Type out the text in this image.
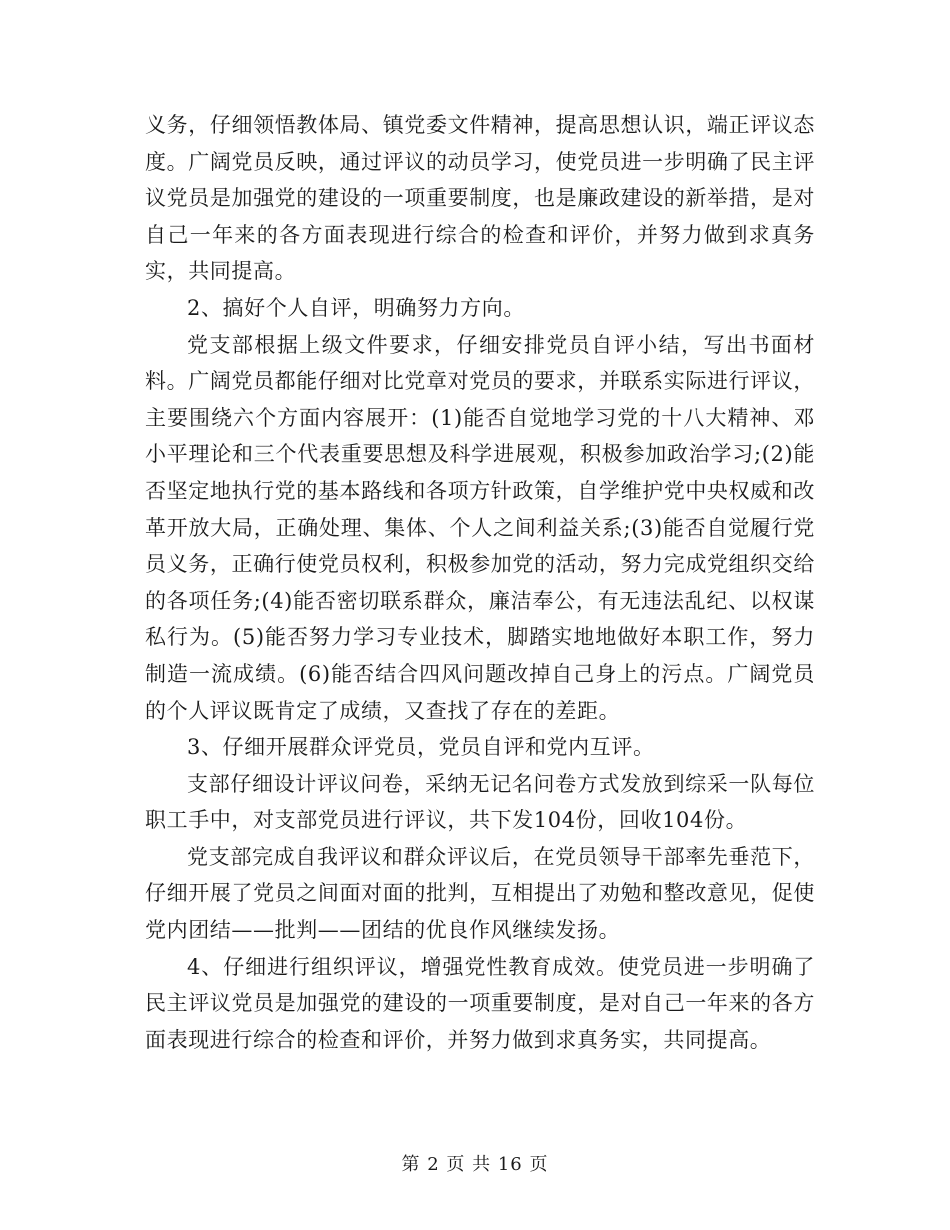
义务，仔细领悟教体局、镇党委文件精神，提高思想认识，端正评议态度。广阔党员反映，通过评议的动员学习，使党员进一步明确了民主评议党员是加强党的建设的一项重要制度，也是廉政建设的新举措，是对自己一年来的各方面表现进行综合的检查和评价，并努力做到求真务实，共同提高。

2、搞好个人自评，明确努力方向。

党支部根据上级文件要求，仔细安排党员自评小结，写出书面材料。广阔党员都能仔细对比党章对党员的要求，并联系实际进行评议，主要围绕六个方面内容展开：(1)能否自觉地学习党的十八大精神、邓小平理论和三个代表重要思想及科学进展观，积极参加政治学习;(2)能否坚定地执行党的基本路线和各项方针政策，自学维护党中央权威和改革开放大局，正确处理、集体、个人之间利益关系;(3)能否自觉履行党员义务，正确行使党员权利，积极参加党的活动，努力完成党组织交给的各项任务;(4)能否密切联系群众，廉洁奉公，有无违法乱纪、以权谋私行为。(5)能否努力学习专业技术，脚踏实地地做好本职工作，努力制造一流成绩。(6)能否结合四风问题改掉自己身上的污点。广阔党员的个人评议既肯定了成绩，又查找了存在的差距。

3、仔细开展群众评党员，党员自评和党内互评。

支部仔细设计评议问卷，采纳无记名问卷方式发放到综采一队每位职工手中，对支部党员进行评议，共下发104份，回收104份。

党支部完成自我评议和群众评议后，在党员领导干部率先垂范下，仔细开展了党员之间面对面的批判，互相提出了劝勉和整改意见，促使党内团结——批判——团结的优良作风继续发扬。

4、仔细进行组织评议，增强党性教育成效。使党员进一步明确了民主评议党员是加强党的建设的一项重要制度，是对自己一年来的各方面表现进行综合的检查和评价，并努力做到求真务实，共同提高。

第 2 页 共 16 页
